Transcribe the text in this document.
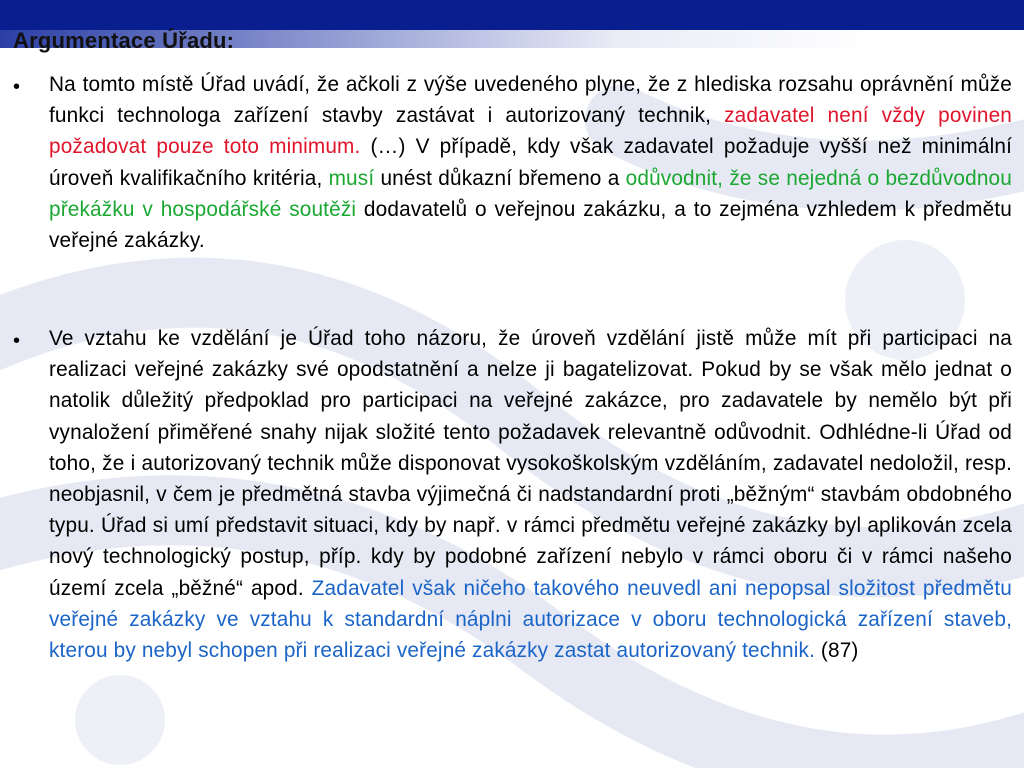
Argumentace Úřadu:
• Na tomto místě Úřad uvádí, že ačkoli z výše uvedeného plyne, že z hlediska rozsahu oprávnění může funkci technologa zařízení stavby zastávat i autorizovaný technik, zadavatel není vždy povinen požadovat pouze toto minimum. (…) V případě, kdy však zadavatel požaduje vyšší než minimální úroveň kvalifikačního kritéria, musí unést důkazní břemeno a odůvodnit, že se nejedná o bezdůvodnou překážku v hospodářské soutěži dodavatelů o veřejnou zakázku, a to zejména vzhledem k předmětu veřejné zakázky.
• Ve vztahu ke vzdělání je Úřad toho názoru, že úroveň vzdělání jistě může mít při participaci na realizaci veřejné zakázky své opodstatnění a nelze ji bagatelizovat. Pokud by se však mělo jednat o natolik důležitý předpoklad pro participaci na veřejné zakázce, pro zadavatele by nemělo být při vynaložení přiměřené snahy nijak složité tento požadavek relevantně odůvodnit. Odhlédne-li Úřad od toho, že i autorizovaný technik může disponovat vysokoškolským vzděláním, zadavatel nedoložil, resp. neobjasnil, v čem je předmětná stavba výjimečná či nadstandardní proti „běžným“ stavbám obdobného typu. Úřad si umí představit situaci, kdy by např. v rámci předmětu veřejné zakázky byl aplikován zcela nový technologický postup, příp. kdy by podobné zařízení nebylo v rámci oboru či v rámci našeho území zcela „běžné“ apod. Zadavatel však ničeho takového neuvedl ani nepopsal složitost předmětu veřejné zakázky ve vztahu k standardní náplni autorizace v oboru technologická zařízení staveb, kterou by nebyl schopen při realizaci veřejné zakázky zastat autorizovaný technik. (87)
